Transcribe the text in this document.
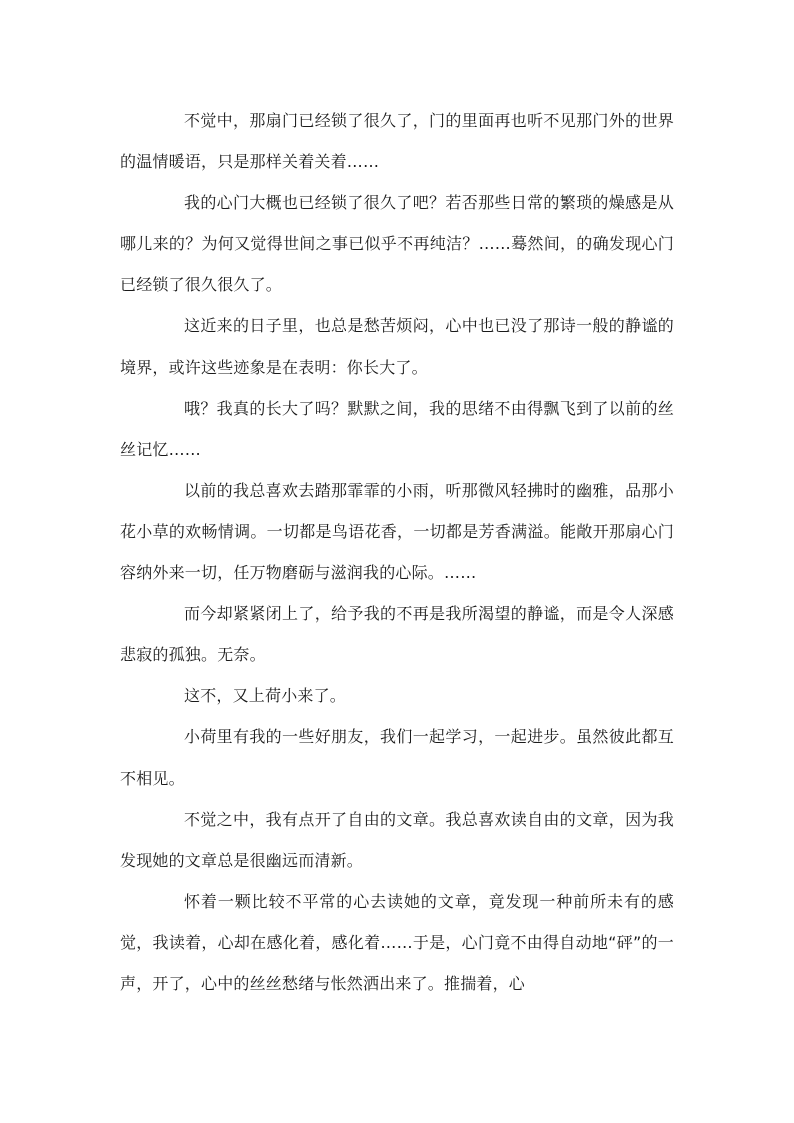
不觉中，那扇门已经锁了很久了，门的里面再也听不见那门外的世界的温情暖语，只是那样关着关着……

我的心门大概也已经锁了很久了吧？若否那些日常的繁琐的燥感是从哪儿来的？为何又觉得世间之事已似乎不再纯洁？……蓦然间，的确发现心门已经锁了很久很久了。

这近来的日子里，也总是愁苦烦闷，心中也已没了那诗一般的静谧的境界，或许这些迹象是在表明：你长大了。

哦？我真的长大了吗？默默之间，我的思绪不由得飘飞到了以前的丝丝记忆……

以前的我总喜欢去踏那霏霏的小雨，听那微风轻拂时的幽雅，品那小花小草的欢畅情调。一切都是鸟语花香，一切都是芳香满溢。能敞开那扇心门容纳外来一切，任万物磨砺与滋润我的心际。……

而今却紧紧闭上了，给予我的不再是我所渴望的静谧，而是令人深感悲寂的孤独。无奈。

这不，又上荷小来了。

小荷里有我的一些好朋友，我们一起学习，一起进步。虽然彼此都互不相见。

不觉之中，我有点开了自由的文章。我总喜欢读自由的文章，因为我发现她的文章总是很幽远而清新。

怀着一颗比较不平常的心去读她的文章，竟发现一种前所未有的感觉，我读着，心却在感化着，感化着……于是，心门竟不由得自动地“砰”的一声，开了，心中的丝丝愁绪与怅然洒出来了。推揣着，心
